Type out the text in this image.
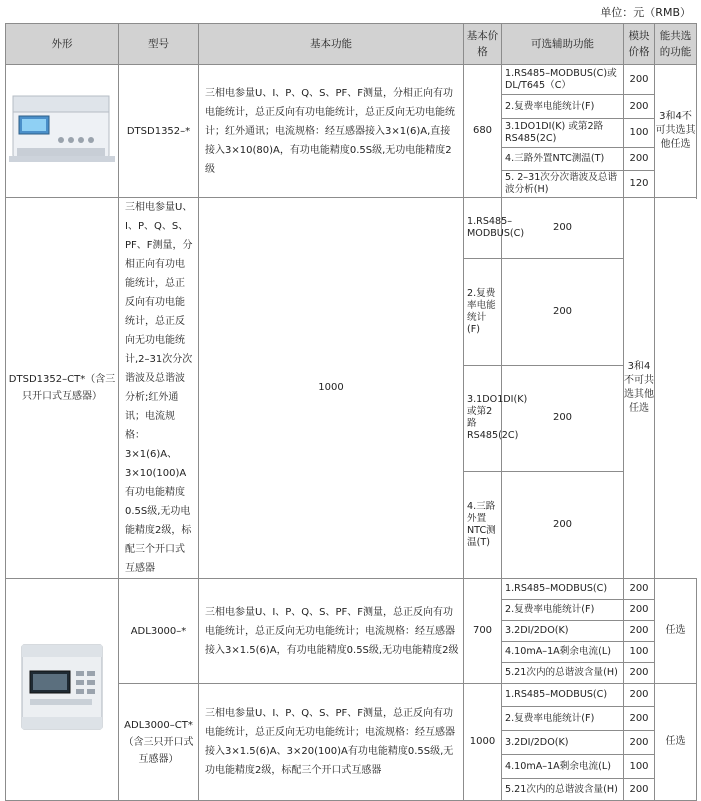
单位：元（RMB）
外形	型号	基本功能	基本价格	可选辅助功能	模块价格	能共选的功能
	DTSD1352–*	三相电参量U、I、P、Q、S、PF、F测量，分相正向有功电能统计，总正反向有功电能统计，总正反向无功电能统计；红外通讯；电流规格：经互感器接入3×1(6)A,直接接入3×10(80)A，有功电能精度0.5S级,无功电能精度2级	680	1.RS485–MODBUS(C)或DL/T645（C）	200	3和4不可共选其他任选

				2.复费率电能统计(F)	200	
				3.1DO1DI(K) 或第2路RS485(2C)	100	
				4.三路外置NTC测温(T)	200	
				5. 2–31次分次谐波及总谐波分析(H)	120	

DTSD1352–CT*（含三只开口式互感器）	三相电参量U、I、P、Q、S、PF、F测量，分相正向有功电能统计，总正反向有功电能统计，总正反向无功电能统计,2–31次分次谐波及总谐波分析;红外通讯；电流规格：3×1(6)A、3×10(100)A有功电能精度0.5S级,无功电能精度2级，标配三个开口式互感器	1000	1.RS485–MODBUS(C)	200	3和4不可共选其他任选	
			2.复费率电能统计(F)	200		
			3.1DO1DI(K) 或第2路RS485(2C)	200		
			4.三路外置NTC测温(T)	200		
	ADL3000–*	三相电参量U、I、P、Q、S、PF、F测量，总正反向有功电能统计，总正反向无功电能统计；电流规格：经互感器接入3×1.5(6)A，有功电能精度0.5S级,无功电能精度2级	700	1.RS485–MODBUS(C)	200	任选
				2.复费率电能统计(F)	200	
				3.2DI/2DO(K)	200	
				4.10mA–1A剩余电流(L)	100	
				5.21次内的总谐波含量(H)	200	
	ADL3000–CT*（含三只开口式互感器）	三相电参量U、I、P、Q、S、PF、F测量，总正反向有功电能统计，总正反向无功电能统计；电流规格：经互感器接入3×1.5(6)A、3×20(100)A有功电能精度0.5S级,无功电能精度2级，标配三个开口式互感器	1000	1.RS485–MODBUS(C)	200	任选
				2.复费率电能统计(F)	200	
				3.2DI/2DO(K)	200	
				4.10mA–1A剩余电流(L)	100	
				5.21次内的总谐波含量(H)	200	
